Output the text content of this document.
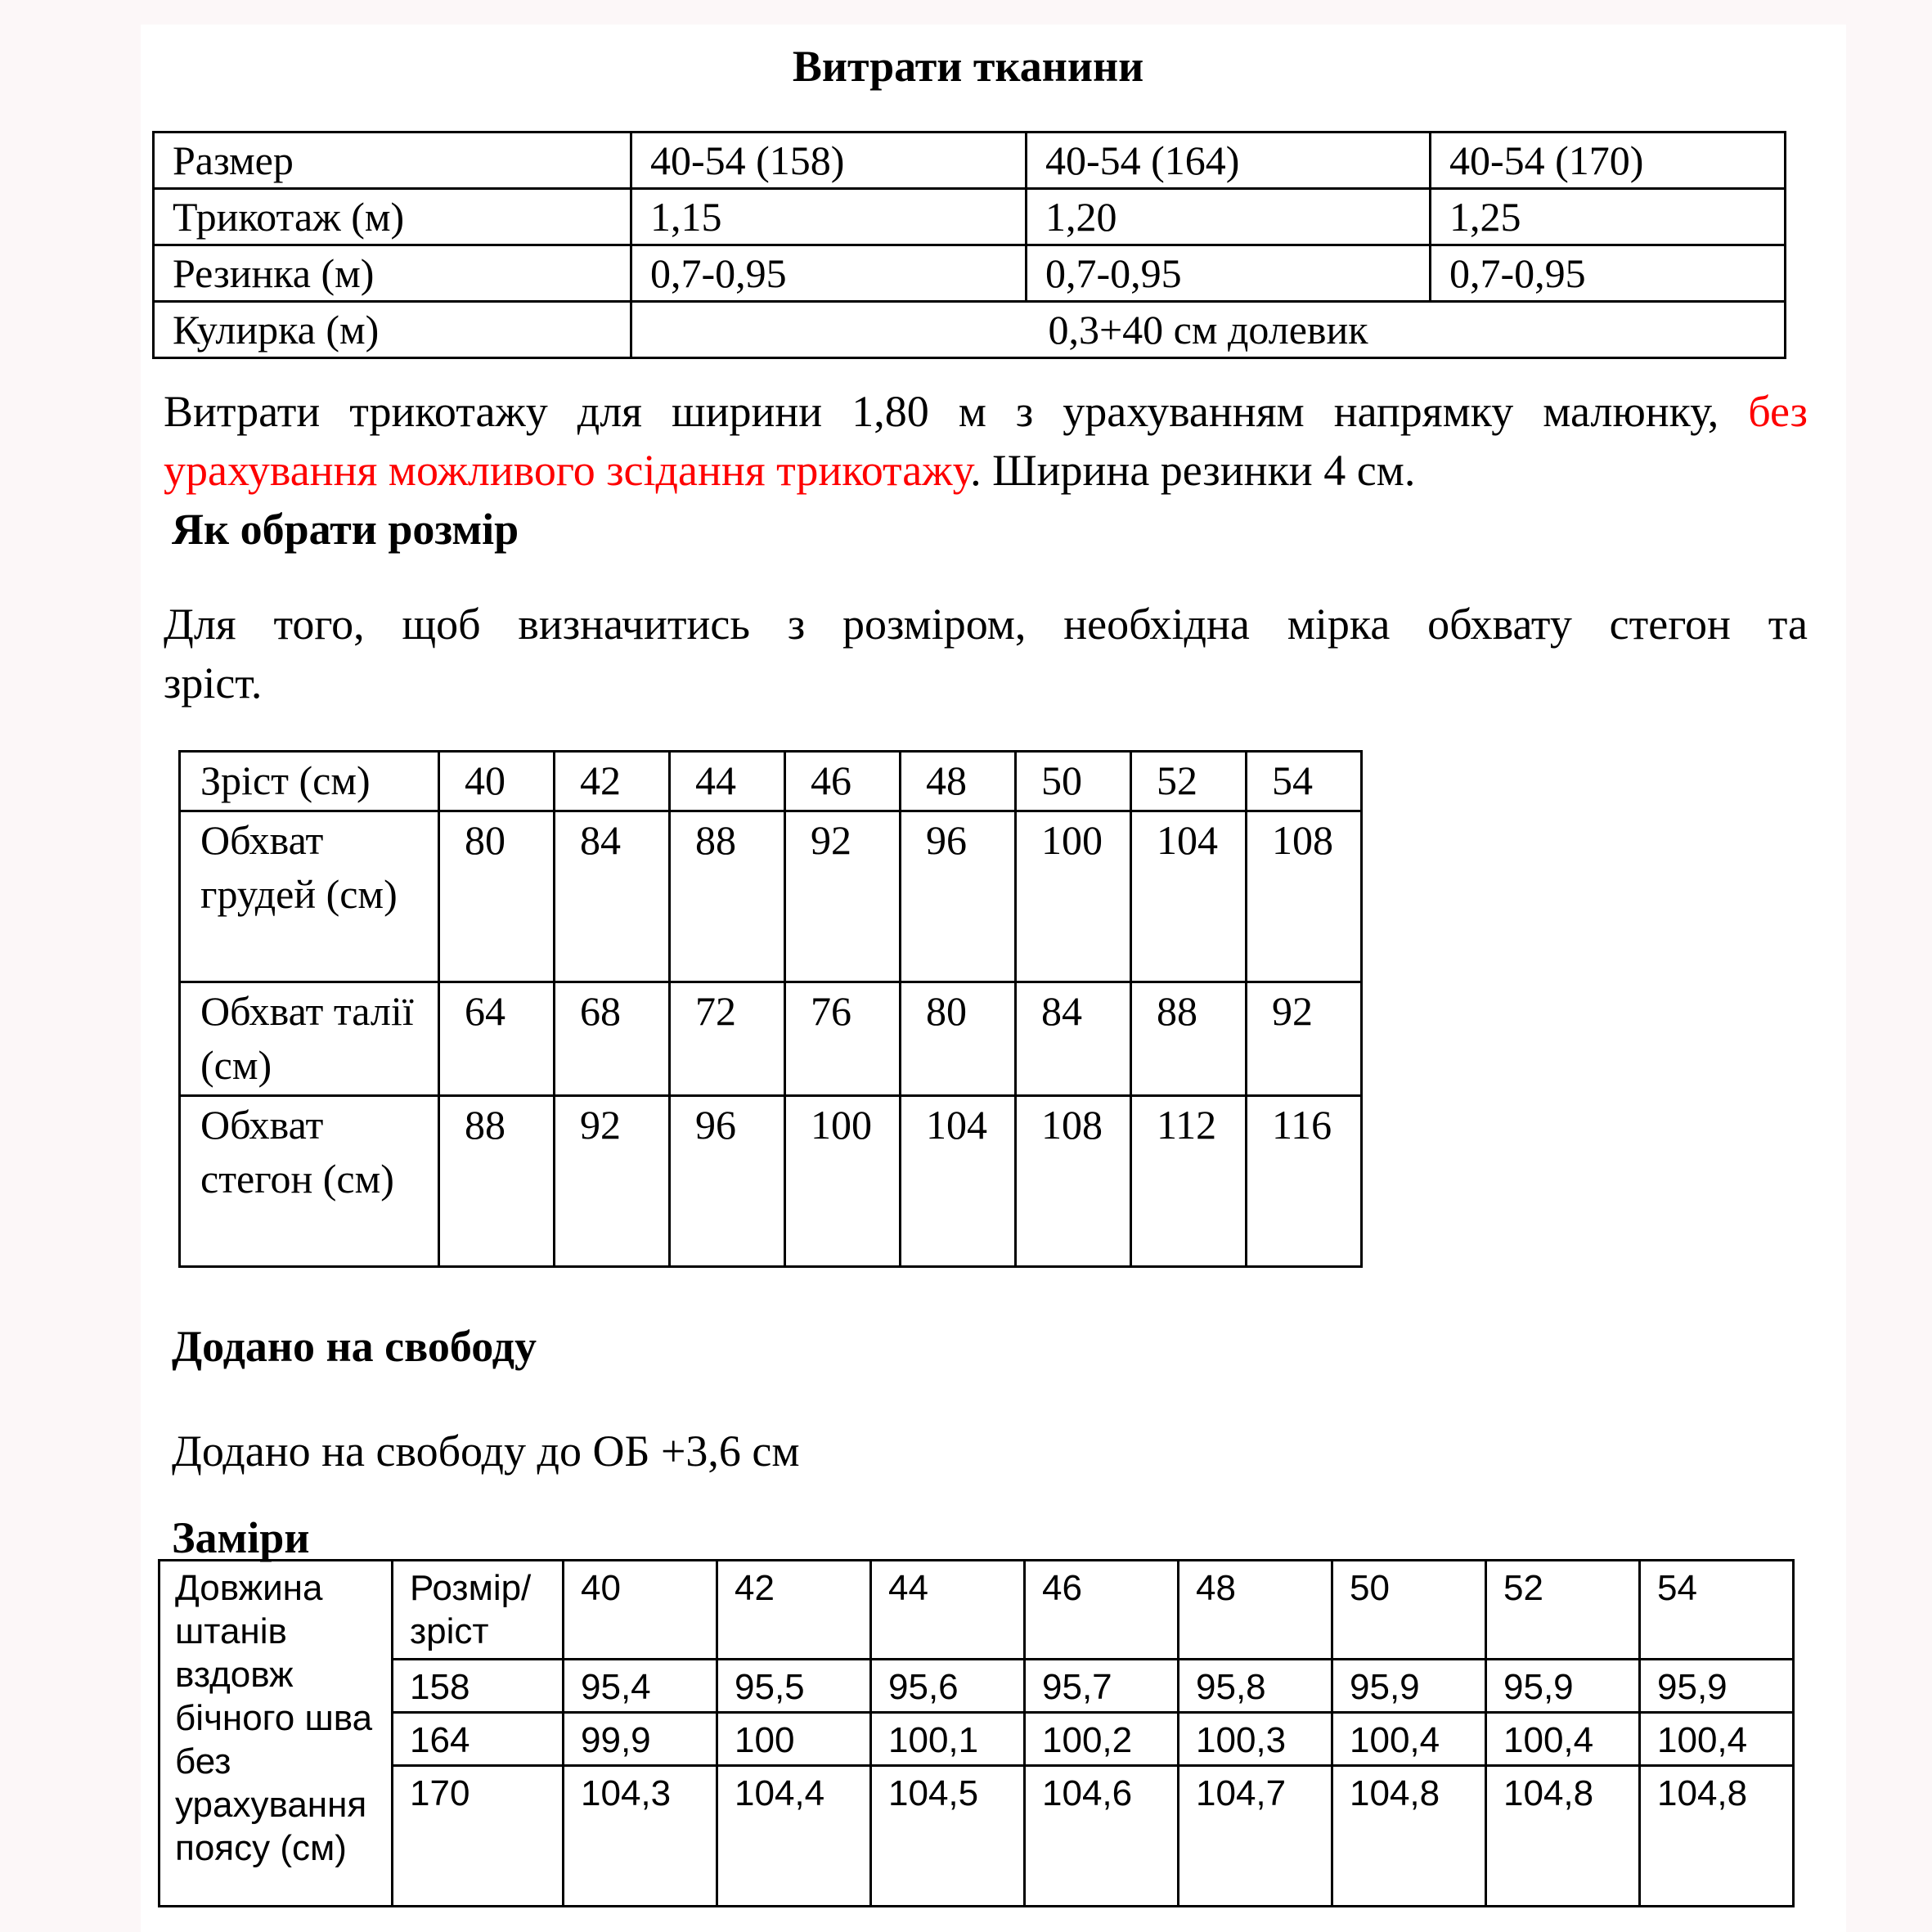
Витрати тканини
Размер	40-54 (158)	40-54 (164)	40-54 (170)
Трикотаж (м)	1,15	1,20	1,25
Резинка (м)	0,7-0,95	0,7-0,95	0,7-0,95
Кулирка (м)	0,3+40 см долевик		
Витрати трикотажу для ширини 1,80 м з урахуванням напрямку малюнку, без
урахування можливого зсідання трикотажу. Ширина резинки 4 см.
Як обрати розмір
Для того, щоб визначитись з розміром, необхідна мірка обхвату стегон та
зріст.
Зріст (см)	40	42	44	46	48	50	52	54
Обхват грудей (см)	80	84	88	92	96	100	104	108
Обхват талії (см)	64	68	72	76	80	84	88	92
Обхват стегон (см)	88	92	96	100	104	108	112	116
Додано на свободу
Додано на свободу до ОБ +3,6 см
Заміри
Довжина штанів вздовж бічного шва без урахування поясу (см)	Розмір/ зріст	40	42	44	46	48	50	52	54
	158	95,4	95,5	95,6	95,7	95,8	95,9	95,9	95,9
	164	99,9	100	100,1	100,2	100,3	100,4	100,4	100,4
	170	104,3	104,4	104,5	104,6	104,7	104,8	104,8	104,8
